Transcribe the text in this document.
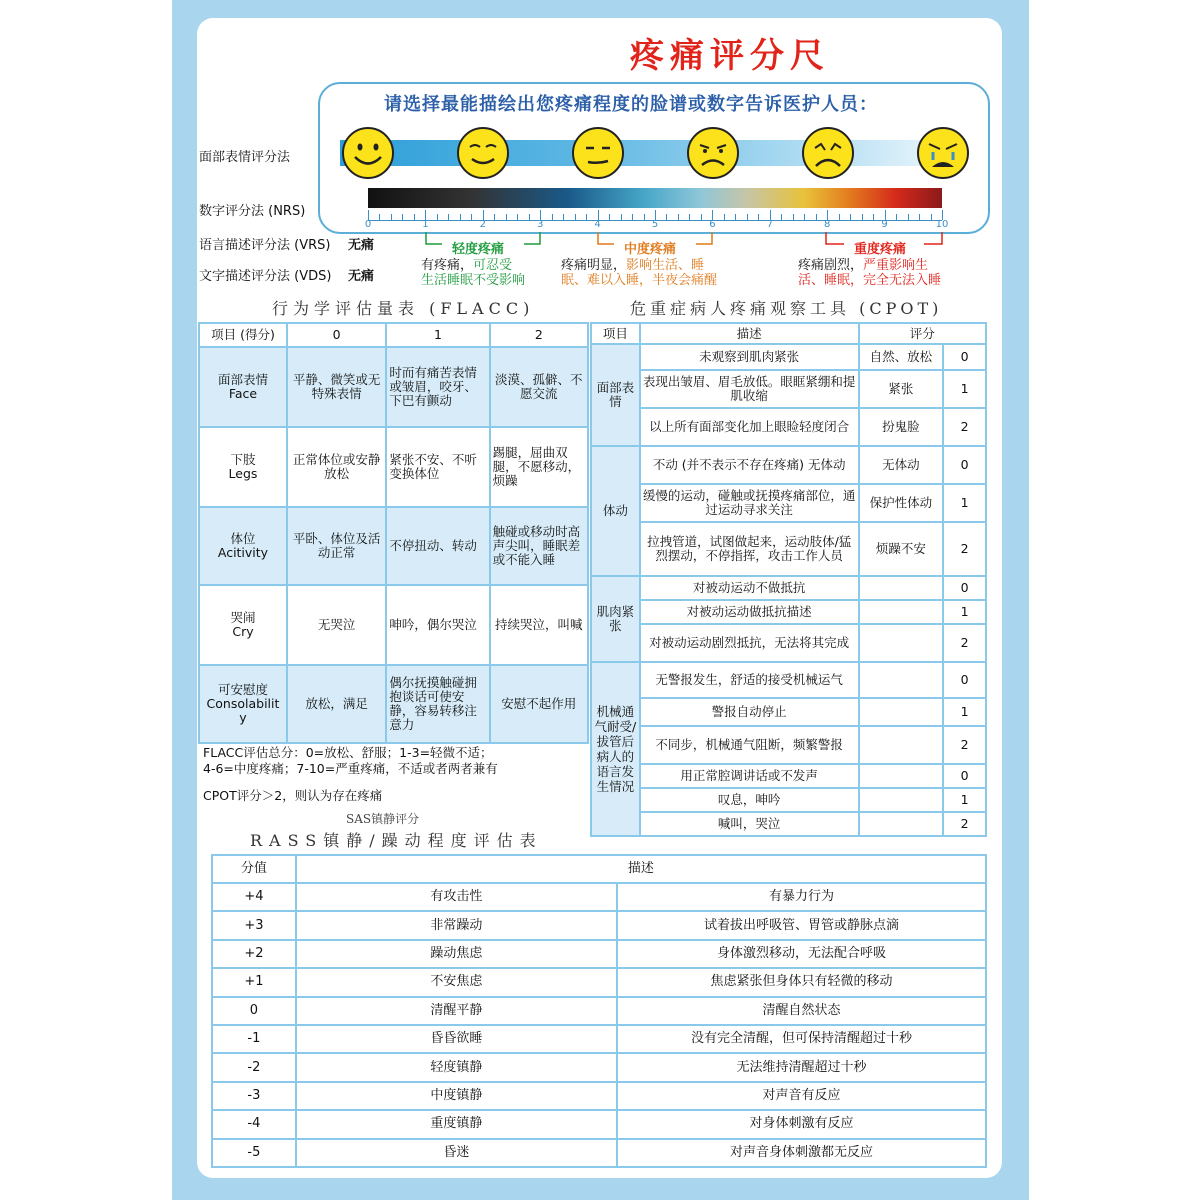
疼痛评分尺
请选择最能描绘出您疼痛程度的脸谱或数字告诉医护人员：
面部表情评分法
数字评分法 (NRS)
0	1	2	3	4	5	6	7	8	9	10
语言描述评分法 (VRS) 无痛
文字描述评分法 (VDS) 无痛
轻度疼痛	中度疼痛	重度疼痛
有疼痛，可忍受
生活睡眠不受影响
疼痛明显，影响生活、睡
眠、难以入睡，半夜会痛醒
疼痛剧烈，严重影响生
活、睡眠，完全无法入睡
行为学评估量表 (FLACC)	危重症病人疼痛观察工具 (CPOT)
项目 (得分)	0	1	2
面部表情
Face	平静、微笑或无特殊表情	时而有痛苦表情或皱眉，咬牙、下巴有颤动	淡漠、孤僻、不愿交流
下肢
Legs	正常体位或安静放松	紧张不安、不听变换体位	踢腿，屈曲双腿，不愿移动，烦躁
体位
Acitivity	平卧、体位及活动正常	不停扭动、转动	触碰或移动时高声尖叫，睡眠差或不能入睡
哭闹
Cry	无哭泣	呻吟，偶尔哭泣	持续哭泣，叫喊
可安慰度
Consolability	放松，满足	偶尔抚摸触碰拥抱谈话可使安静，容易转移注意力	安慰不起作用
FLACC评估总分：0=放松、舒服；1-3=轻微不适；
4-6=中度疼痛；7-10=严重疼痛，不适或者两者兼有
CPOT评分＞2，则认为存在疼痛
项目	描述	评分	
面部表情	未观察到肌肉紧张	自然、放松	0
	表现出皱眉、眉毛放低。眼眶紧绷和提肌收缩	紧张	1
	以上所有面部变化加上眼睑轻度闭合	扮鬼脸	2
体动	不动 (并不表示不存在疼痛) 无体动	无体动	0
	缓慢的运动，碰触或抚摸疼痛部位，通过运动寻求关注	保护性体动	1
	拉拽管道，试图做起来，运动肢体/猛烈摆动，不停指挥，攻击工作人员	烦躁不安	2
肌肉紧张	对被动运动不做抵抗		0
	对被动运动做抵抗描述		1
	对被动运动剧烈抵抗，无法将其完成		2
机械通气耐受/拔管后病人的语言发生情况	无警报发生，舒适的接受机械运气		0
	警报自动停止		1
	不同步，机械通气阻断，频繁警报		2
	用正常腔调讲话或不发声		0
	叹息，呻吟		1
	喊叫，哭泣		2
SAS镇静评分
RASS镇静/躁动程度评估表
分值	描述	
+4	有攻击性	有暴力行为
+3	非常躁动	试着拔出呼吸管、胃管或静脉点滴
+2	躁动焦虑	身体激烈移动，无法配合呼吸
+1	不安焦虑	焦虑紧张但身体只有轻微的移动
0	清醒平静	清醒自然状态
-1	昏昏欲睡	没有完全清醒，但可保持清醒超过十秒
-2	轻度镇静	无法维持清醒超过十秒
-3	中度镇静	对声音有反应
-4	重度镇静	对身体刺激有反应
-5	昏迷	对声音身体刺激都无反应
